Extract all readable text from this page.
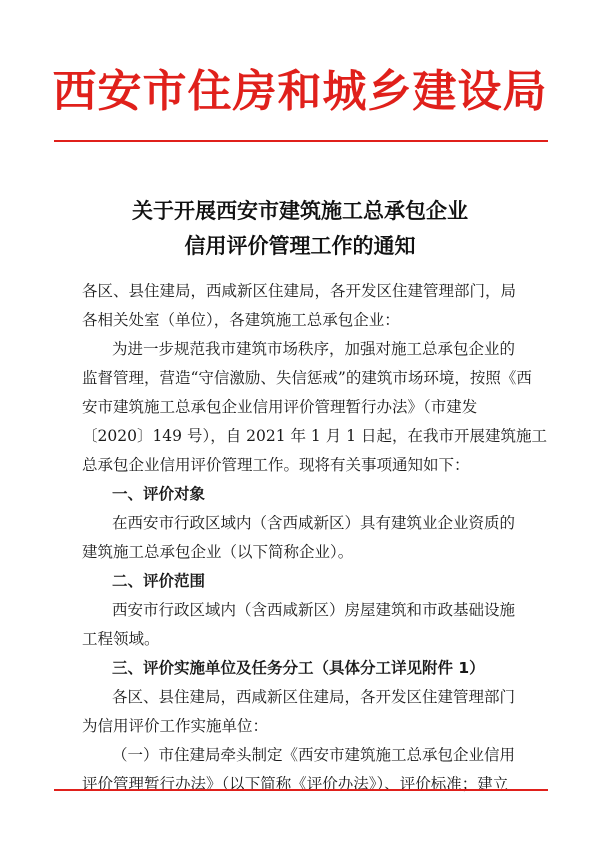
西安市住房和城乡建设局
关于开展西安市建筑施工总承包企业
信用评价管理工作的通知
各区、县住建局，西咸新区住建局，各开发区住建管理部门，局
各相关处室（单位），各建筑施工总承包企业：
为进一步规范我市建筑市场秩序，加强对施工总承包企业的
监督管理，营造“守信激励、失信惩戒”的建筑市场环境，按照《西
安市建筑施工总承包企业信用评价管理暂行办法》（市建发
〔2020〕149 号），自 2021 年 1 月 1 日起，在我市开展建筑施工
总承包企业信用评价管理工作。现将有关事项通知如下：
一、评价对象
在西安市行政区域内（含西咸新区）具有建筑业企业资质的
建筑施工总承包企业（以下简称企业）。
二、评价范围
西安市行政区域内（含西咸新区）房屋建筑和市政基础设施
工程领域。
三、评价实施单位及任务分工（具体分工详见附件 1）
各区、县住建局，西咸新区住建局，各开发区住建管理部门
为信用评价工作实施单位：
（一）市住建局牵头制定《西安市建筑施工总承包企业信用
评价管理暂行办法》（以下简称《评价办法》）、评价标准；建立
